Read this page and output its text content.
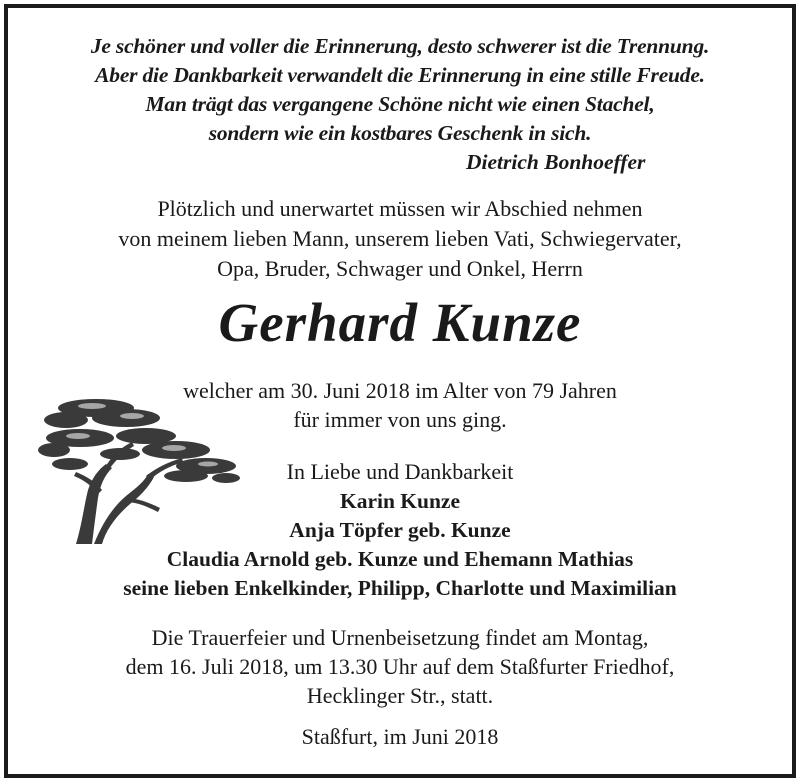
Je schöner und voller die Erinnerung, desto schwerer ist die Trennung.
Aber die Dankbarkeit verwandelt die Erinnerung in eine stille Freude.
Man trägt das vergangene Schöne nicht wie einen Stachel,
sondern wie ein kostbares Geschenk in sich.
Dietrich Bonhoeffer
Plötzlich und unerwartet müssen wir Abschied nehmen
von meinem lieben Mann, unserem lieben Vati, Schwiegervater,
Opa, Bruder, Schwager und Onkel, Herrn
Gerhard Kunze
welcher am 30. Juni 2018 im Alter von 79 Jahren
für immer von uns ging.
In Liebe und Dankbarkeit
Karin Kunze
Anja Töpfer geb. Kunze
Claudia Arnold geb. Kunze und Ehemann Mathias
seine lieben Enkelkinder, Philipp, Charlotte und Maximilian
Die Trauerfeier und Urnenbeisetzung findet am Montag,
dem 16. Juli 2018, um 13.30 Uhr auf dem Staßfurter Friedhof,
Hecklinger Str., statt.
Staßfurt, im Juni 2018
